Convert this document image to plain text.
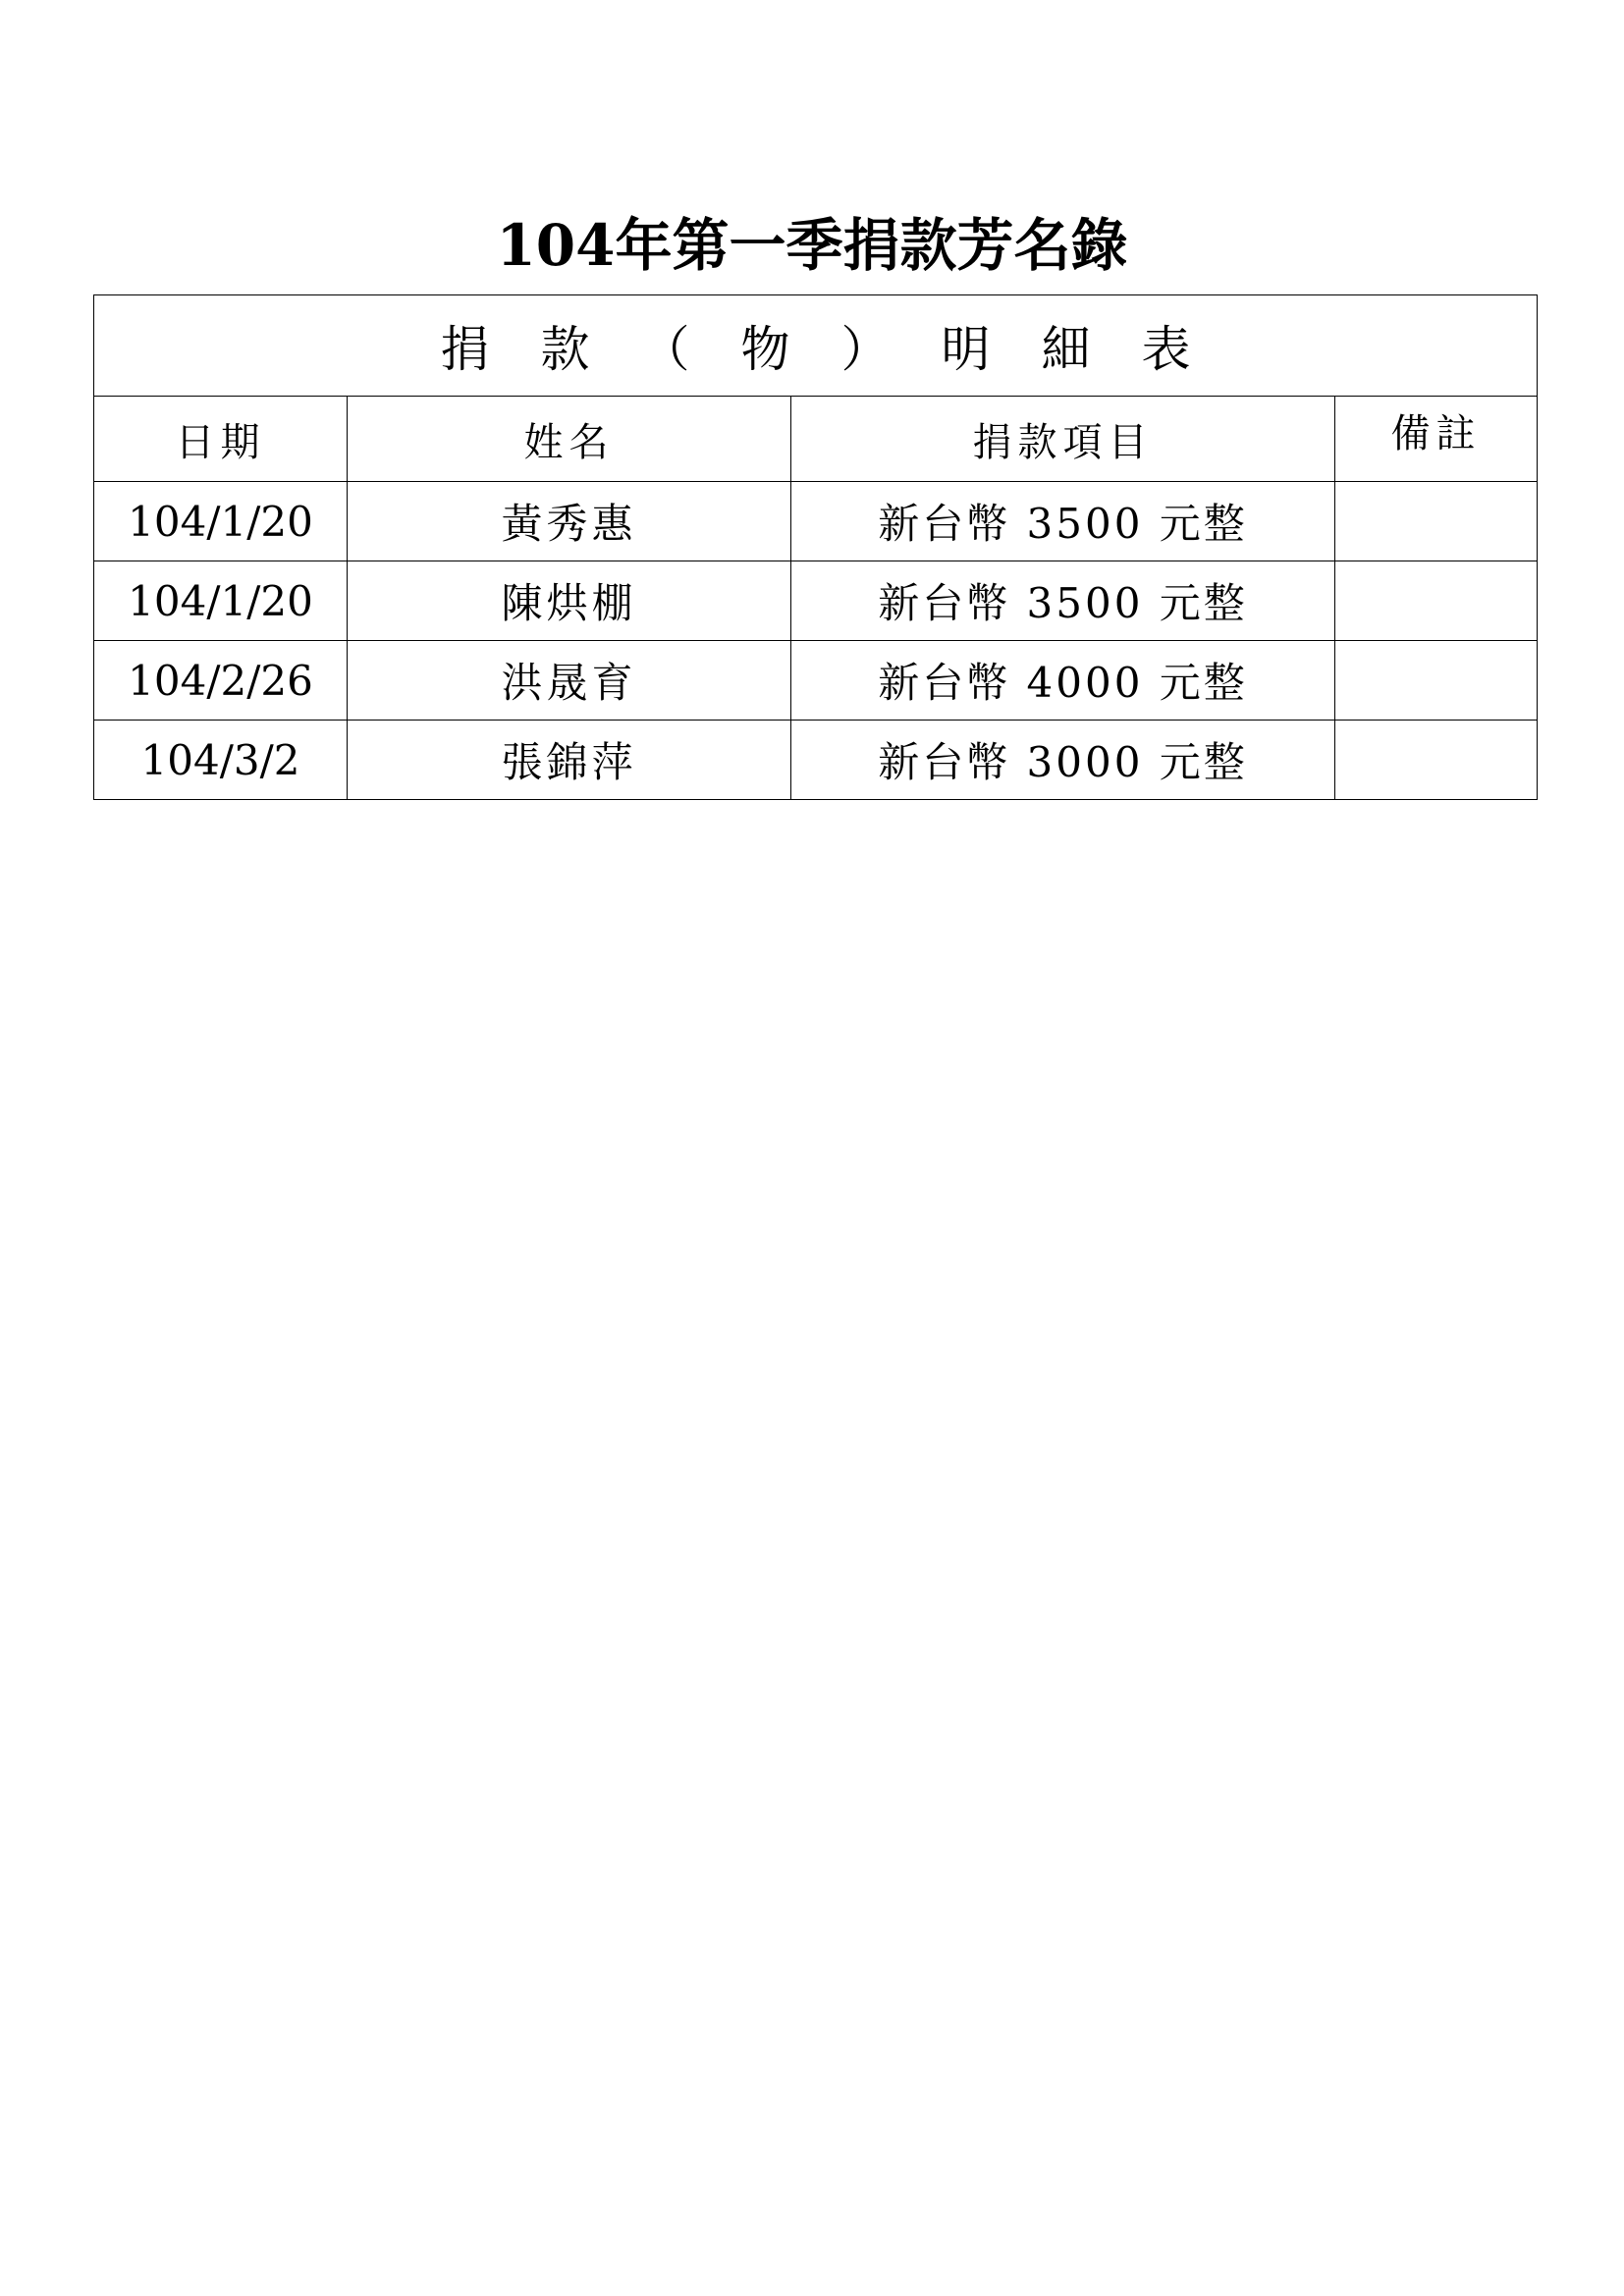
104年第一季捐款芳名錄
捐款（物）明細表			
日期	姓名	捐款項目	備註
104/1/20	黃秀惠	新台幣 3500 元整	
104/1/20	陳烘棚	新台幣 3500 元整	
104/2/26	洪晟育	新台幣 4000 元整	
104/3/2	張錦萍	新台幣 3000 元整	
